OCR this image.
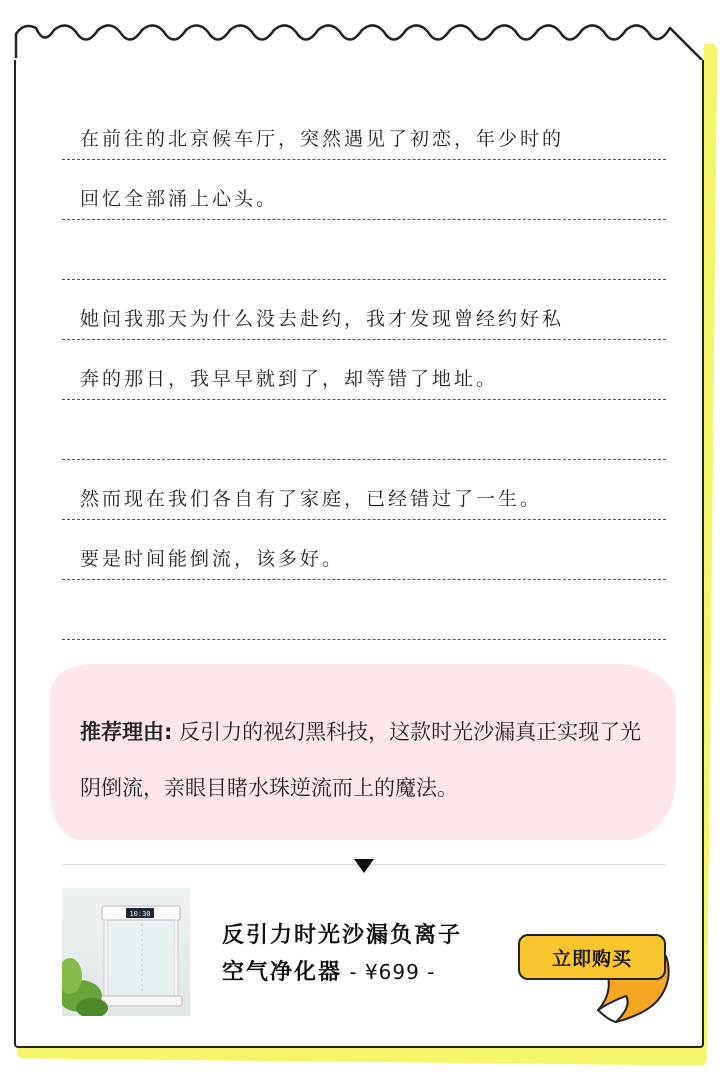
在前往的北京候车厅，突然遇见了初恋，年少时的
回忆全部涌上心头。
她问我那天为什么没去赴约，我才发现曾经约好私
奔的那日，我早早就到了，却等错了地址。
然而现在我们各自有了家庭，已经错过了一生。
要是时间能倒流，该多好。
推荐理由: 反引力的视幻黑科技，这款时光沙漏真正实现了光阴倒流，亲眼目睹水珠逆流而上的魔法。
10:30
反引力时光沙漏负离子
空气净化器 - ¥699 -
立即购买
